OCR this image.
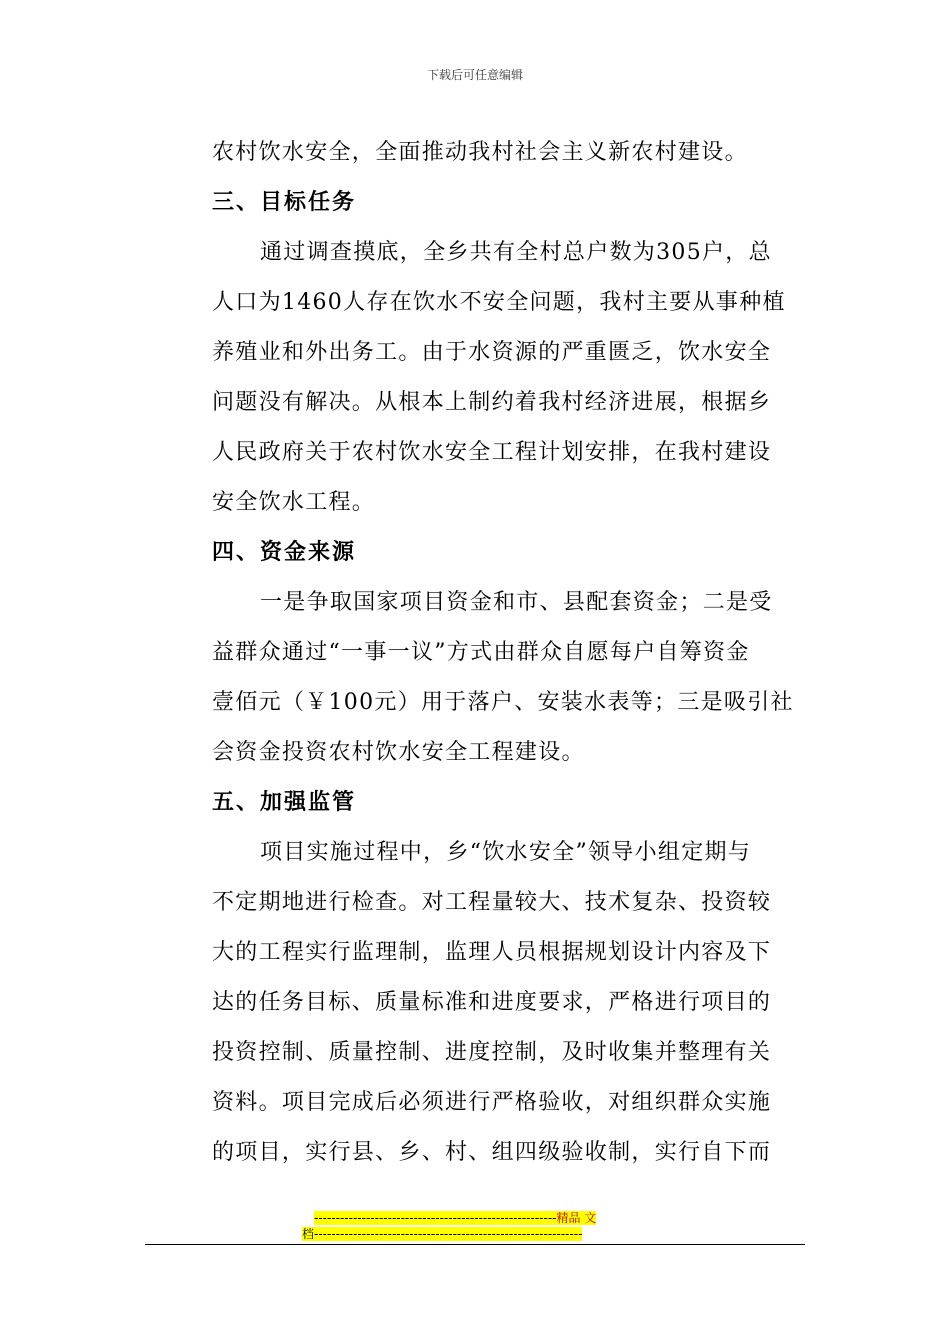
下载后可任意编辑
农村饮水安全，全面推动我村社会主义新农村建设。
三、目标任务
通过调查摸底，全乡共有全村总户数为305户，总
人口为1460人存在饮水不安全问题，我村主要从事种植
养殖业和外出务工。由于水资源的严重匮乏，饮水安全
问题没有解决。从根本上制约着我村经济进展，根据乡
人民政府关于农村饮水安全工程计划安排，在我村建设
安全饮水工程。
四、资金来源
一是争取国家项目资金和市、县配套资金；二是受
益群众通过“一事一议”方式由群众自愿每户自筹资金
壹佰元（￥100元）用于落户、安装水表等；三是吸引社
会资金投资农村饮水安全工程建设。
五、加强监管
项目实施过程中，乡“饮水安全”领导小组定期与
不定期地进行检查。对工程量较大、技术复杂、投资较
大的工程实行监理制，监理人员根据规划设计内容及下
达的任务目标、质量标准和进度要求，严格进行项目的
投资控制、质量控制、进度控制，及时收集并整理有关
资料。项目完成后必须进行严格验收，对组织群众实施
的项目，实行县、乡、村、组四级验收制，实行自下而
--------------------------------------------------------精品 文
档--------------------------------------------------------------
